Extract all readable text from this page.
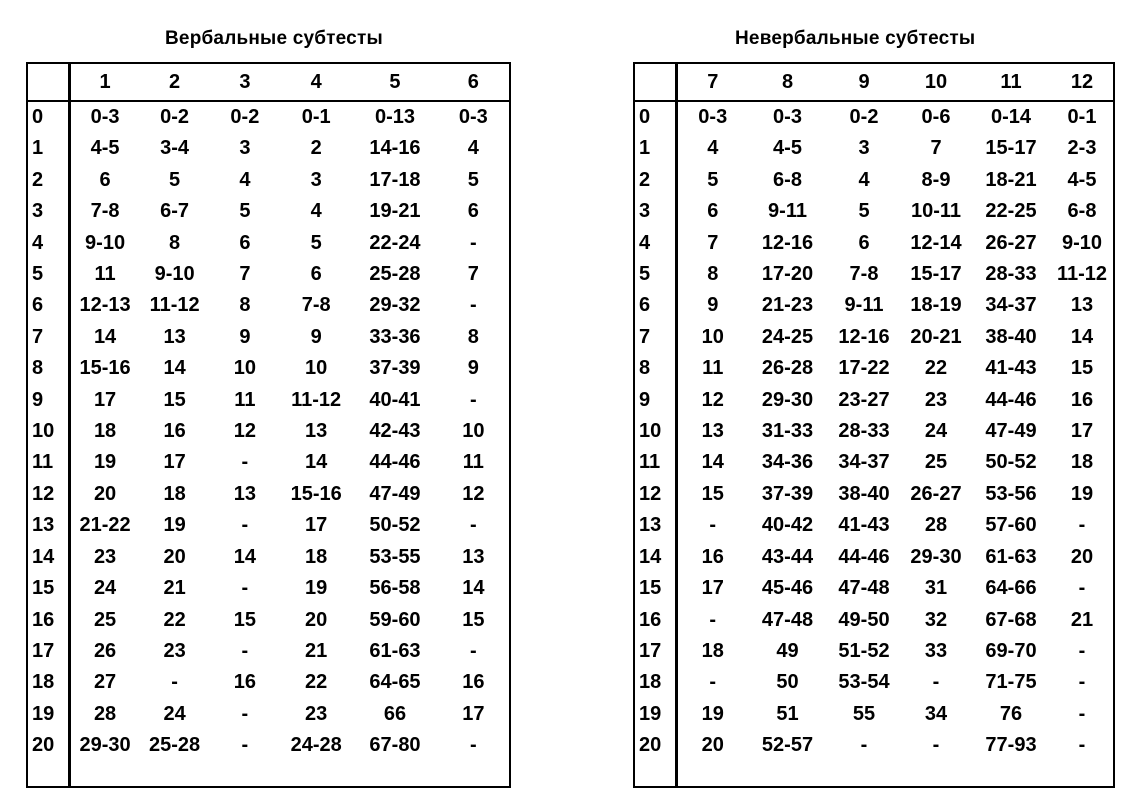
Вербальные субтесты	Невербальные субтесты
	1	2	3	4	5	6
0	0-3	0-2	0-2	0-1	0-13	0-3
1	4-5	3-4	3	2	14-16	4
2	6	5	4	3	17-18	5
3	7-8	6-7	5	4	19-21	6
4	9-10	8	6	5	22-24	-
5	11	9-10	7	6	25-28	7
6	12-13	11-12	8	7-8	29-32	-
7	14	13	9	9	33-36	8
8	15-16	14	10	10	37-39	9
9	17	15	11	11-12	40-41	-
10	18	16	12	13	42-43	10
11	19	17	-	14	44-46	11
12	20	18	13	15-16	47-49	12
13	21-22	19	-	17	50-52	-
14	23	20	14	18	53-55	13
15	24	21	-	19	56-58	14
16	25	22	15	20	59-60	15
17	26	23	-	21	61-63	-
18	27	-	16	22	64-65	16
19	28	24	-	23	66	17
20	29-30	25-28	-	24-28	67-80	-
	7	8	9	10	11	12
0	0-3	0-3	0-2	0-6	0-14	0-1
1	4	4-5	3	7	15-17	2-3
2	5	6-8	4	8-9	18-21	4-5
3	6	9-11	5	10-11	22-25	6-8
4	7	12-16	6	12-14	26-27	9-10
5	8	17-20	7-8	15-17	28-33	11-12
6	9	21-23	9-11	18-19	34-37	13
7	10	24-25	12-16	20-21	38-40	14
8	11	26-28	17-22	22	41-43	15
9	12	29-30	23-27	23	44-46	16
10	13	31-33	28-33	24	47-49	17
11	14	34-36	34-37	25	50-52	18
12	15	37-39	38-40	26-27	53-56	19
13	-	40-42	41-43	28	57-60	-
14	16	43-44	44-46	29-30	61-63	20
15	17	45-46	47-48	31	64-66	-
16	-	47-48	49-50	32	67-68	21
17	18	49	51-52	33	69-70	-
18	-	50	53-54	-	71-75	-
19	19	51	55	34	76	-
20	20	52-57	-	-	77-93	-
